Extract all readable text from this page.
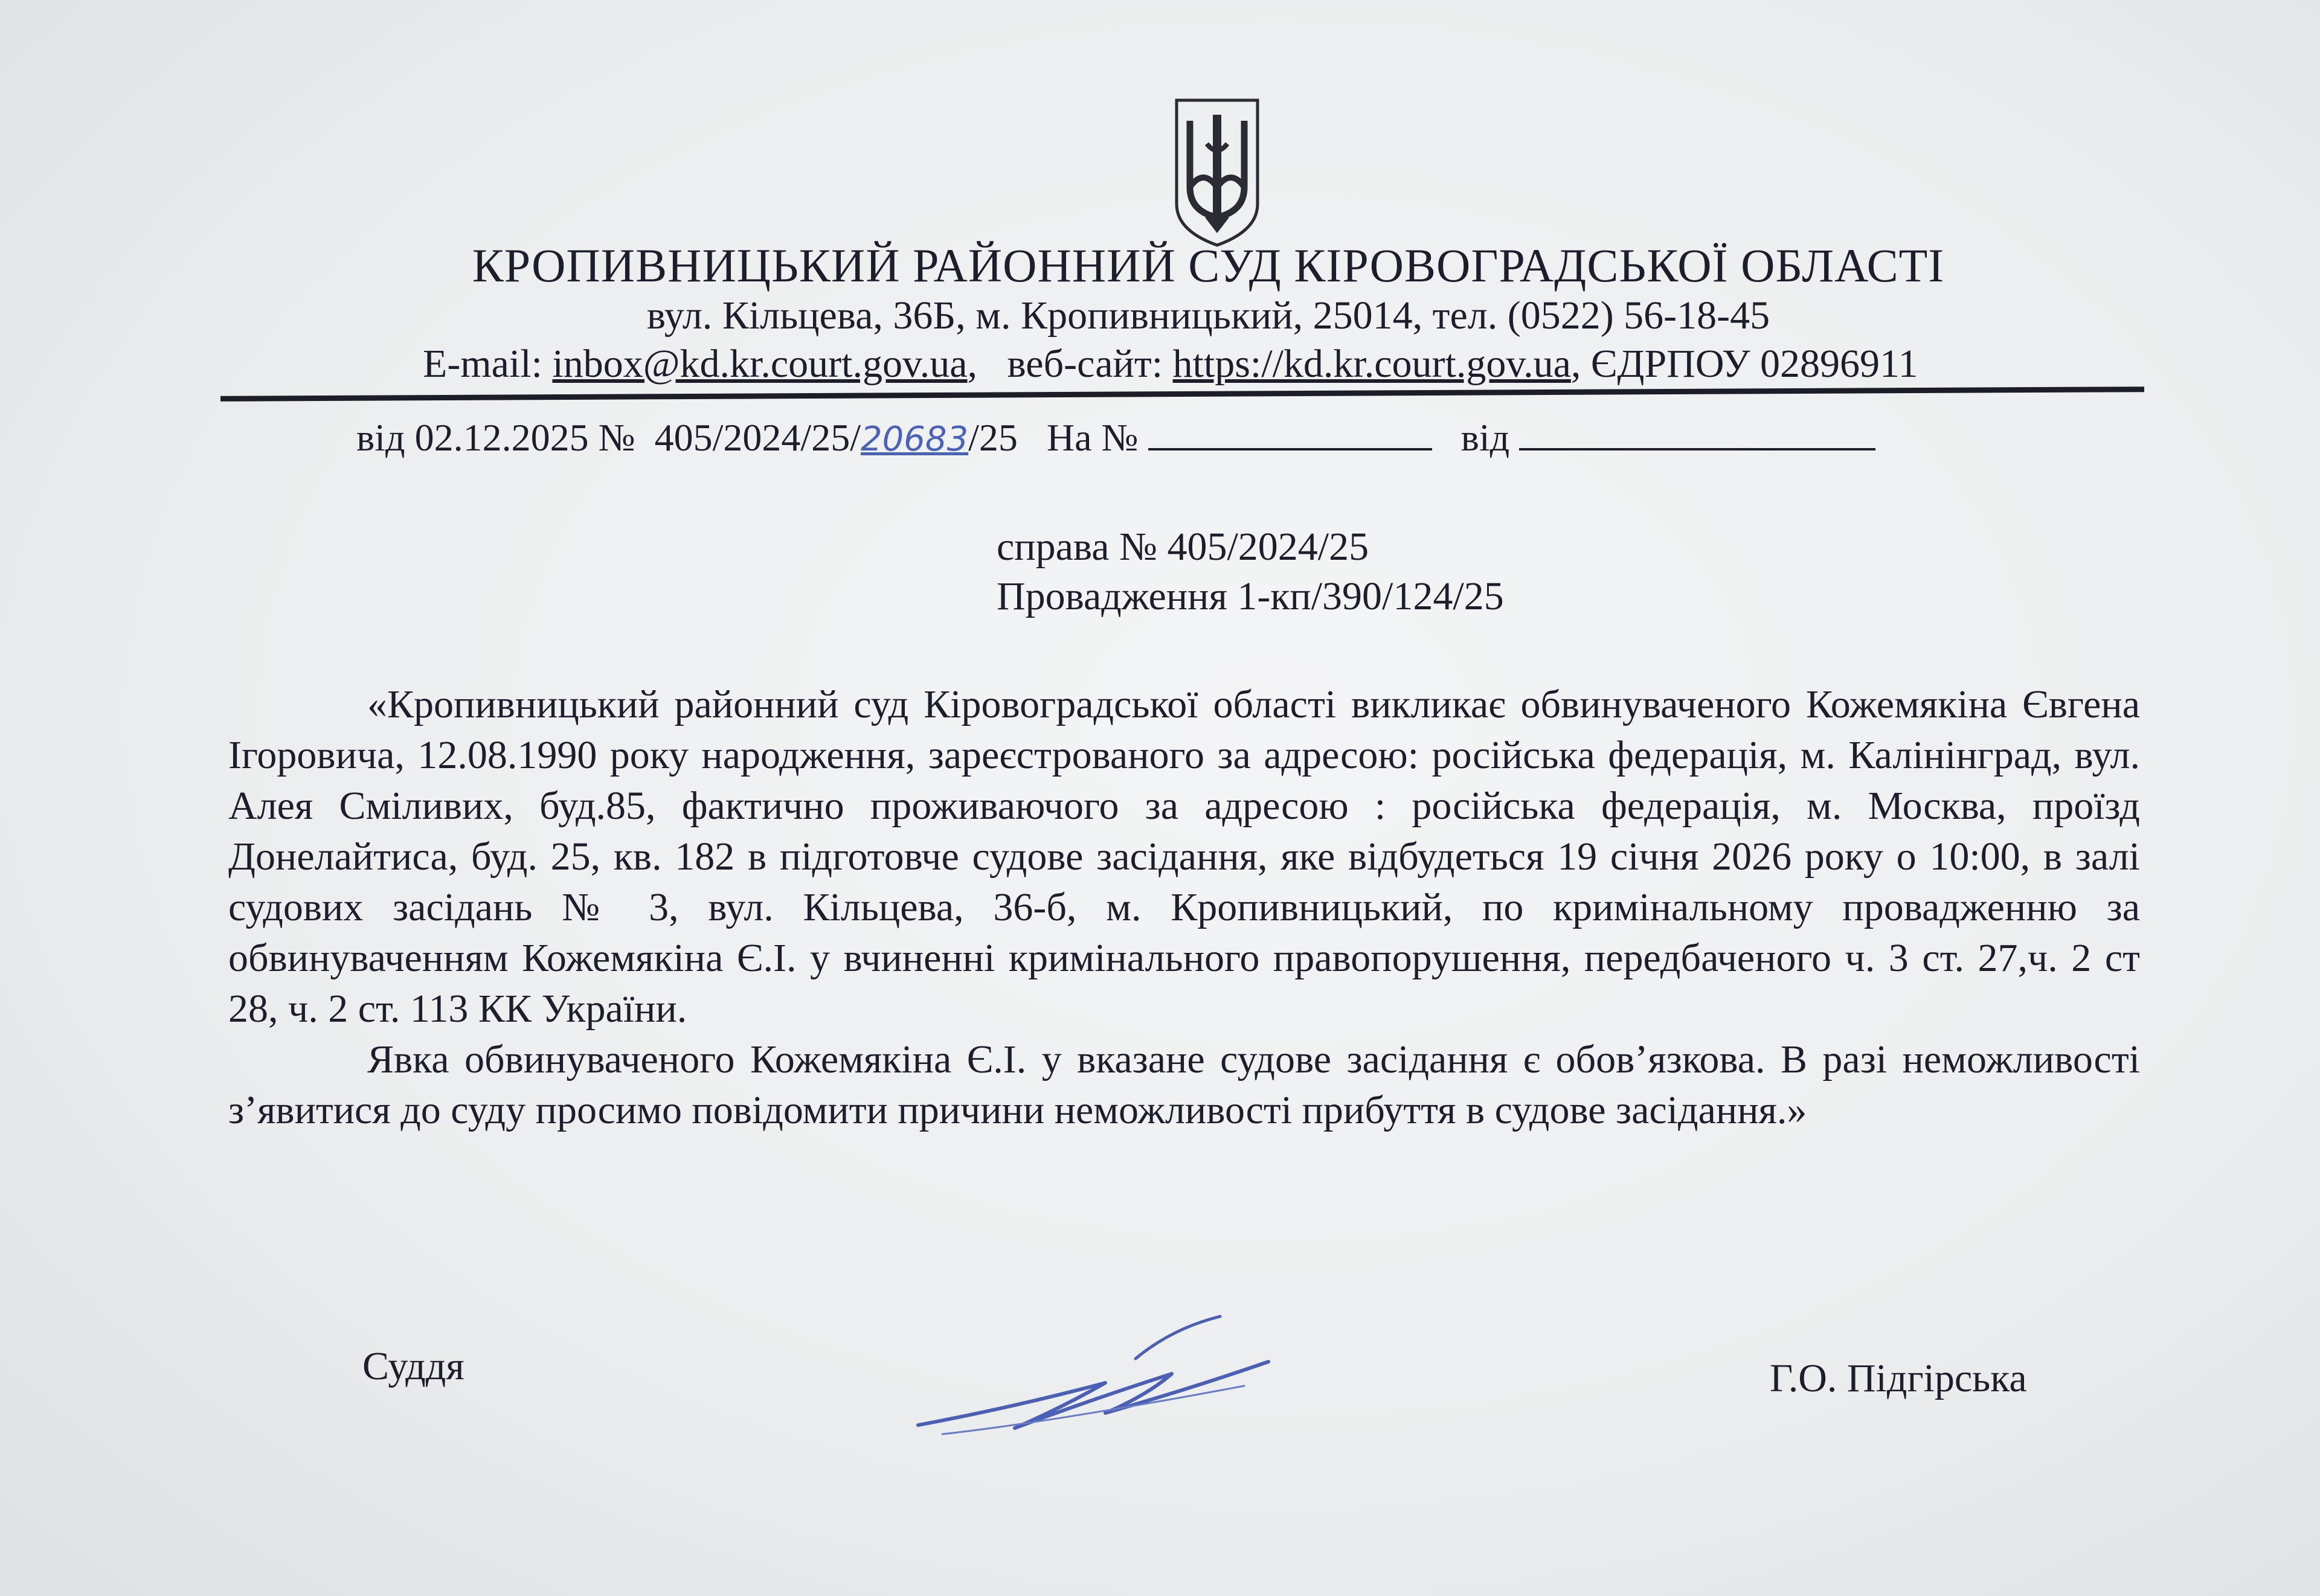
КРОПИВНИЦЬКИЙ РАЙОННИЙ СУД КІРОВОГРАДСЬКОЇ ОБЛАСТІ
вул. Кільцева, 36Б, м. Кропивницький, 25014, тел. (0522) 56-18-45
E-mail: inbox@kd.kr.court.gov.ua,   веб-сайт: https://kd.kr.court.gov.ua, ЄДРПОУ 02896911
від 02.12.2025 № 405/2024/25/20683/25 На №	від
справа № 405/2024/25
Провадження 1-кп/390/124/25

«Кропивницький районний суд Кіровоградської області викликає обвинуваченого Кожемякіна Євгена Ігоровича, 12.08.1990 року народження, зареєстрованого за адресою: російська федерація, м. Калінінград, вул. Алея Сміливих, буд.85, фактично проживаючого за адресою : російська федерація, м. Москва, проїзд Донелайтиса, буд. 25, кв. 182 в підготовче судове засідання, яке відбудеться 19 січня 2026 року о 10:00, в залі судових засідань № 3, вул. Кільцева, 36-б, м. Кропивницький, по кримінальному провадженню за обвинуваченням Кожемякіна Є.І. у вчиненні кримінального правопорушення, передбаченого ч. 3 ст. 27,ч. 2 ст 28, ч. 2 ст. 113 КК України.

Явка обвинуваченого Кожемякіна Є.І. у вказане судове засідання є обов’язкова. В разі неможливості з’явитися до суду просимо повідомити причини неможливості прибуття в судове засідання.»

Суддя	Г.О. Підгірська
